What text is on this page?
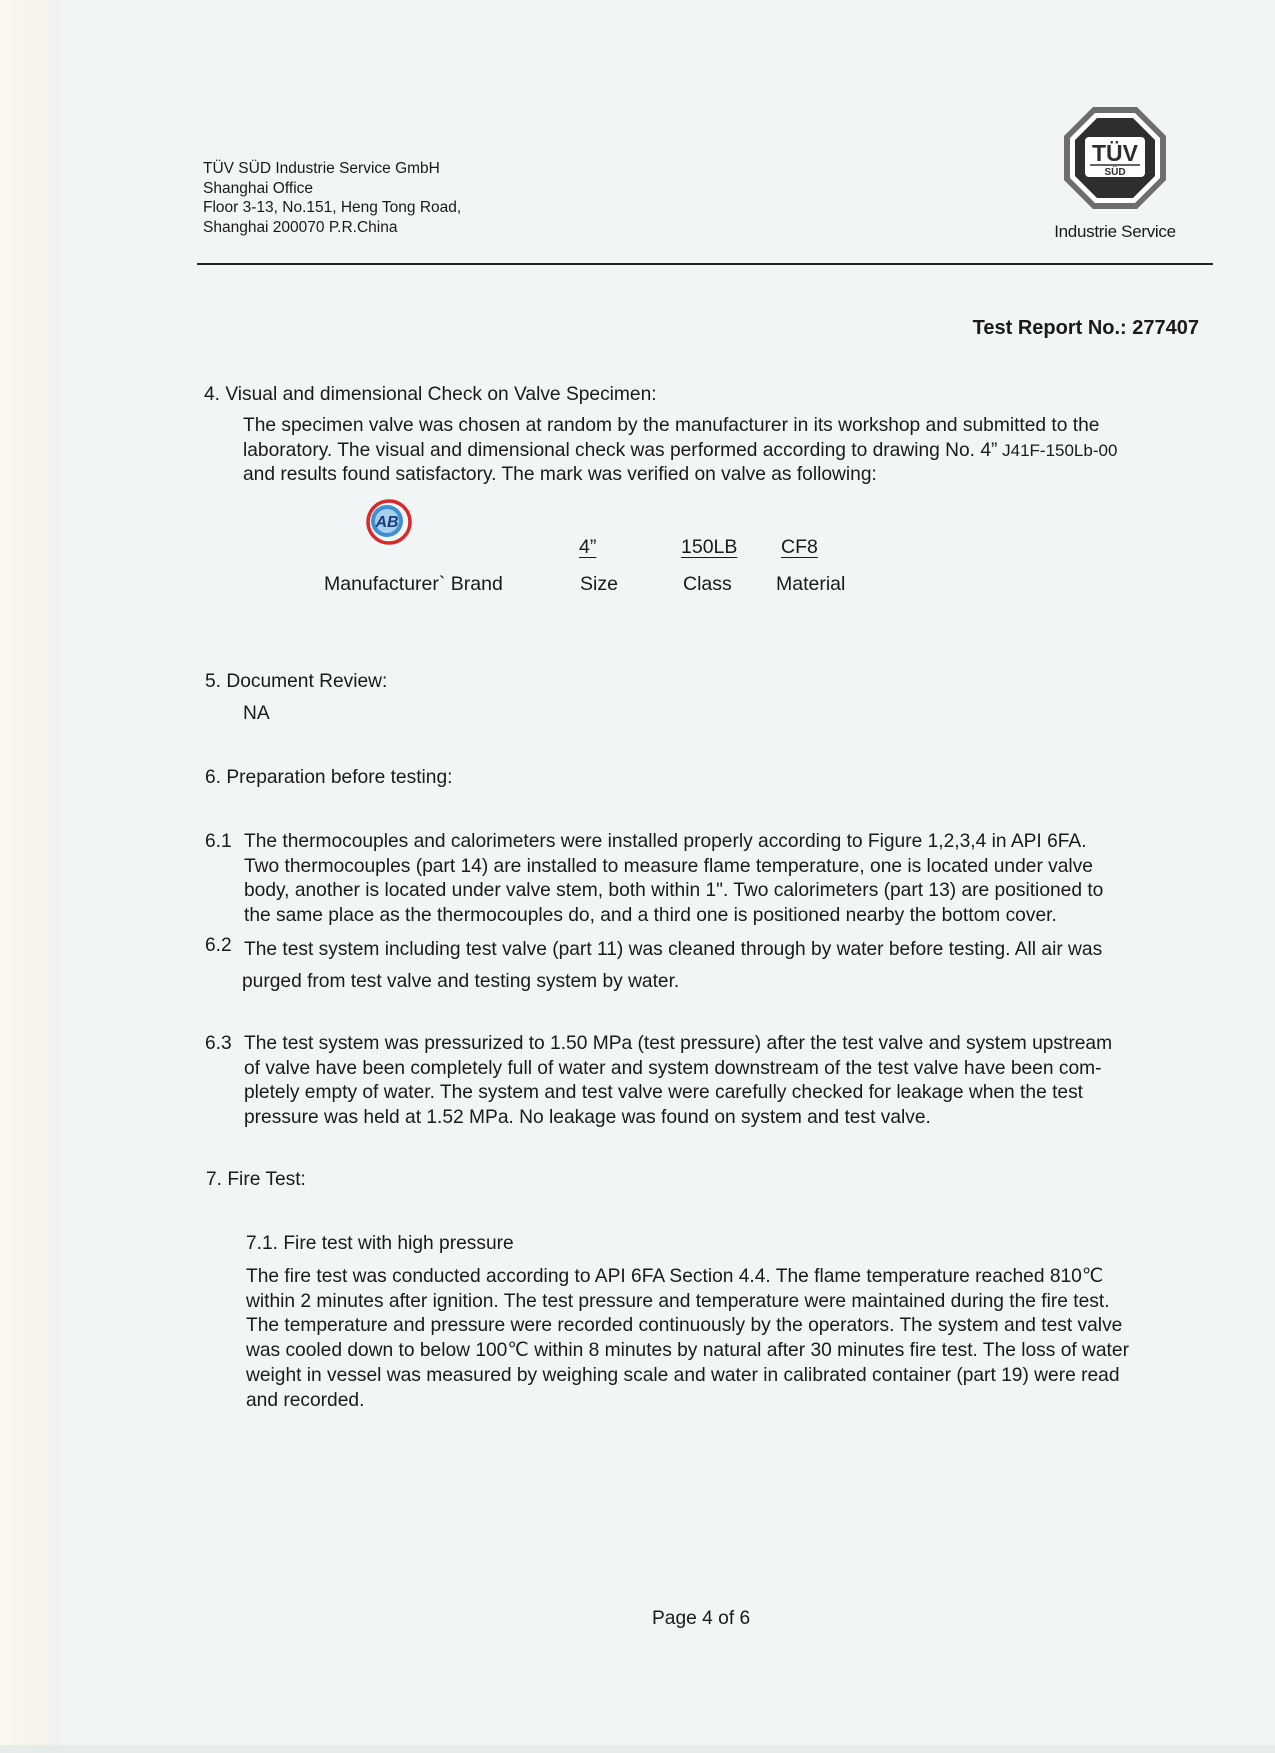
TÜV SÜD Industrie Service GmbH
Shanghai Office
Floor 3-13, No.151, Heng Tong Road,
Shanghai 200070 P.R.China
TÜV
SÜD
Industrie Service
Test Report No.: 277407
4. Visual and dimensional Check on Valve Specimen:
The specimen valve was chosen at random by the manufacturer in its workshop and submitted to the
laboratory. The visual and dimensional check was performed according to drawing No. 4” J41F-150Lb-00
and results found satisfactory. The mark was verified on valve as following:
AB
4”	150LB CF8
Manufacturer` Brand	Size	Class Material
5. Document Review:
NA
6. Preparation before testing:
6.1 The thermocouples and calorimeters were installed properly according to Figure 1,2,3,4 in API 6FA.
Two thermocouples (part 14) are installed to measure flame temperature, one is located under valve
body, another is located under valve stem, both within 1". Two calorimeters (part 13) are positioned to
the same place as the thermocouples do, and a third one is positioned nearby the bottom cover.
6.2 The test system including test valve (part 11) was cleaned through by water before testing. All air was
purged from test valve and testing system by water.
6.3 The test system was pressurized to 1.50 MPa (test pressure) after the test valve and system upstream
of valve have been completely full of water and system downstream of the test valve have been com-
pletely empty of water. The system and test valve were carefully checked for leakage when the test
pressure was held at 1.52 MPa. No leakage was found on system and test valve.
7. Fire Test:
7.1. Fire test with high pressure
The fire test was conducted according to API 6FA Section 4.4. The flame temperature reached 810℃
within 2 minutes after ignition. The test pressure and temperature were maintained during the fire test.
The temperature and pressure were recorded continuously by the operators. The system and test valve
was cooled down to below 100℃ within 8 minutes by natural after 30 minutes fire test. The loss of water
weight in vessel was measured by weighing scale and water in calibrated container (part 19) were read
and recorded.
Page 4 of 6
